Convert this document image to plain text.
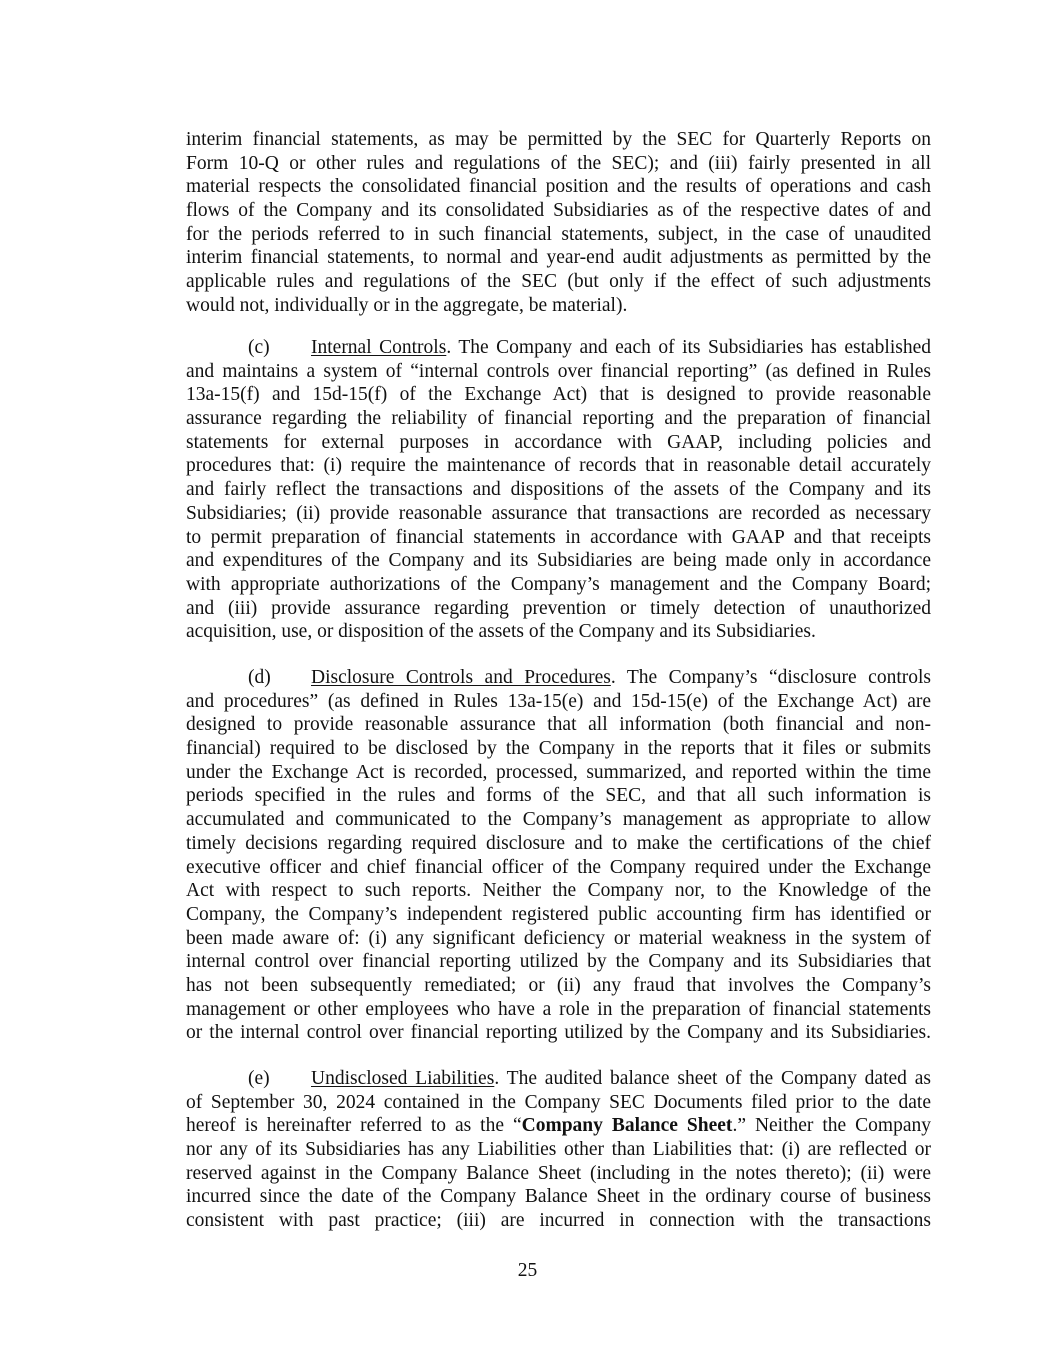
interim financial statements, as may be permitted by the SEC for Quarterly Reports on
Form 10-Q or other rules and regulations of the SEC); and (iii) fairly presented in all
material respects the consolidated financial position and the results of operations and cash
flows of the Company and its consolidated Subsidiaries as of the respective dates of and
for the periods referred to in such financial statements, subject, in the case of unaudited
interim financial statements, to normal and year-end audit adjustments as permitted by the
applicable rules and regulations of the SEC (but only if the effect of such adjustments
would not, individually or in the aggregate, be material).
(c) Internal Controls. The Company and each of its Subsidiaries has established
and maintains a system of “internal controls over financial reporting” (as defined in Rules
13a-15(f) and 15d-15(f) of the Exchange Act) that is designed to provide reasonable
assurance regarding the reliability of financial reporting and the preparation of financial
statements for external purposes in accordance with GAAP, including policies and
procedures that: (i) require the maintenance of records that in reasonable detail accurately
and fairly reflect the transactions and dispositions of the assets of the Company and its
Subsidiaries; (ii) provide reasonable assurance that transactions are recorded as necessary
to permit preparation of financial statements in accordance with GAAP and that receipts
and expenditures of the Company and its Subsidiaries are being made only in accordance
with appropriate authorizations of the Company’s management and the Company Board;
and (iii) provide assurance regarding prevention or timely detection of unauthorized
acquisition, use, or disposition of the assets of the Company and its Subsidiaries.
(d) Disclosure Controls and Procedures. The Company’s “disclosure controls
and procedures” (as defined in Rules 13a-15(e) and 15d-15(e) of the Exchange Act) are
designed to provide reasonable assurance that all information (both financial and non-
financial) required to be disclosed by the Company in the reports that it files or submits
under the Exchange Act is recorded, processed, summarized, and reported within the time
periods specified in the rules and forms of the SEC, and that all such information is
accumulated and communicated to the Company’s management as appropriate to allow
timely decisions regarding required disclosure and to make the certifications of the chief
executive officer and chief financial officer of the Company required under the Exchange
Act with respect to such reports. Neither the Company nor, to the Knowledge of the
Company, the Company’s independent registered public accounting firm has identified or
been made aware of: (i) any significant deficiency or material weakness in the system of
internal control over financial reporting utilized by the Company and its Subsidiaries that
has not been subsequently remediated; or (ii) any fraud that involves the Company’s
management or other employees who have a role in the preparation of financial statements
or the internal control over financial reporting utilized by the Company and its Subsidiaries.
(e) Undisclosed Liabilities. The audited balance sheet of the Company dated as
of September 30, 2024 contained in the Company SEC Documents filed prior to the date
hereof is hereinafter referred to as the “Company Balance Sheet.” Neither the Company
nor any of its Subsidiaries has any Liabilities other than Liabilities that: (i) are reflected or
reserved against in the Company Balance Sheet (including in the notes thereto); (ii) were
incurred since the date of the Company Balance Sheet in the ordinary course of business
consistent with past practice; (iii) are incurred in connection with the transactions
25
